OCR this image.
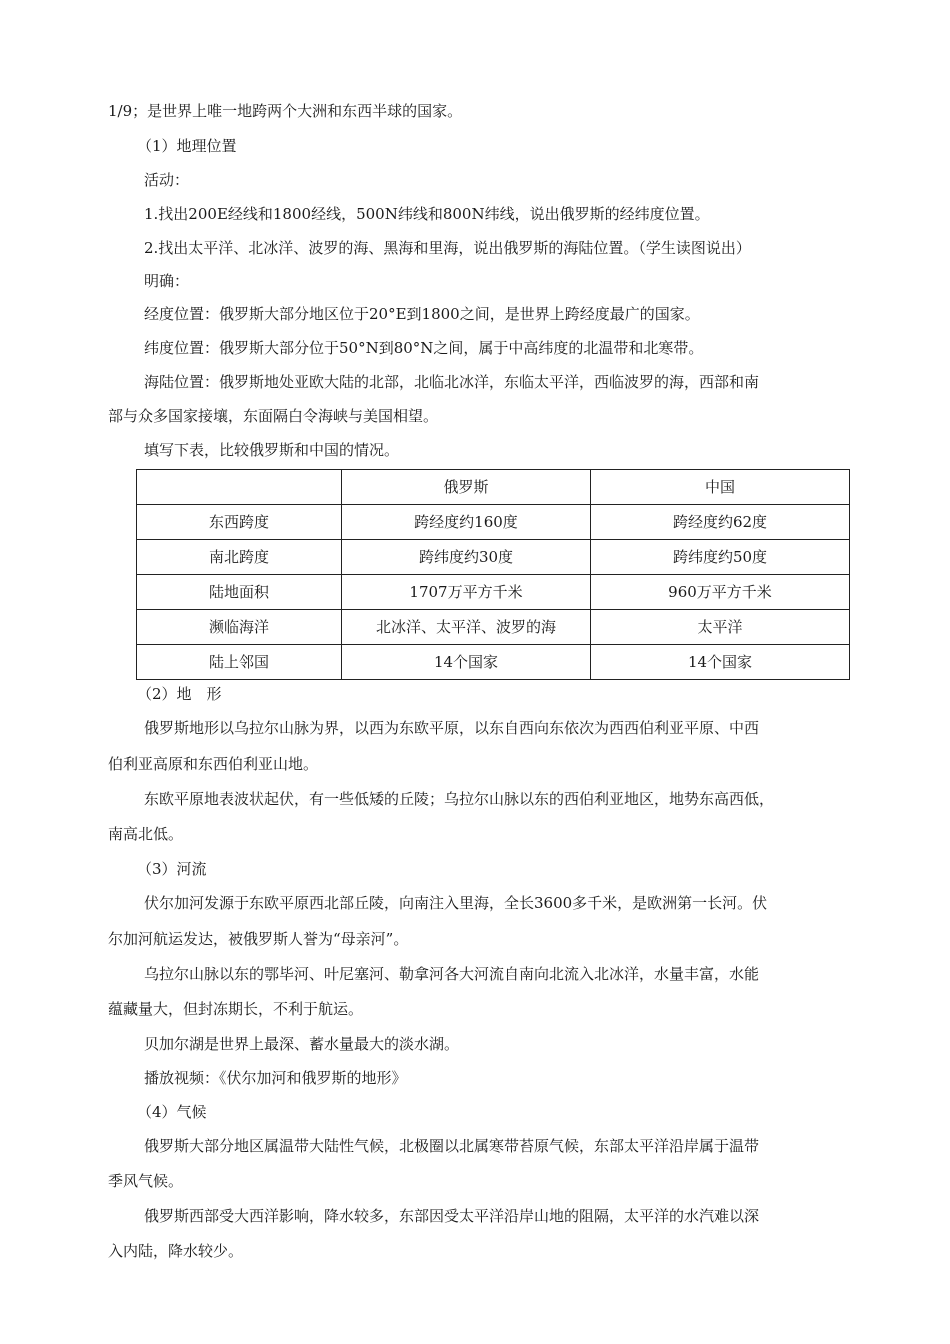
1/9；是世界上唯一地跨两个大洲和东西半球的国家。
（1）地理位置
活动：
1.找出200E经线和1800经线，500N纬线和800N纬线，说出俄罗斯的经纬度位置。
2.找出太平洋、北冰洋、波罗的海、黑海和里海，说出俄罗斯的海陆位置。（学生读图说出）
明确：
经度位置：俄罗斯大部分地区位于20°E到1800之间，是世界上跨经度最广的国家。
纬度位置：俄罗斯大部分位于50°N到80°N之间，属于中高纬度的北温带和北寒带。
海陆位置：俄罗斯地处亚欧大陆的北部，北临北冰洋，东临太平洋，西临波罗的海，西部和南
部与众多国家接壤，东面隔白令海峡与美国相望。
填写下表，比较俄罗斯和中国的情况。
	俄罗斯	中国
东西跨度	跨经度约160度	跨经度约62度
南北跨度	跨纬度约30度	跨纬度约50度
陆地面积	1707万平方千米	960万平方千米
濒临海洋	北冰洋、太平洋、波罗的海	太平洋
陆上邻国	14个国家	14个国家
（2）地　形
俄罗斯地形以乌拉尔山脉为界，以西为东欧平原，以东自西向东依次为西西伯利亚平原、中西
伯利亚高原和东西伯利亚山地。
东欧平原地表波状起伏，有一些低矮的丘陵；乌拉尔山脉以东的西伯利亚地区，地势东高西低，
南高北低。
（3）河流
伏尔加河发源于东欧平原西北部丘陵，向南注入里海，全长3600多千米，是欧洲第一长河。伏
尔加河航运发达，被俄罗斯人誉为“母亲河”。
乌拉尔山脉以东的鄂毕河、叶尼塞河、勒拿河各大河流自南向北流入北冰洋，水量丰富，水能
蕴藏量大，但封冻期长，不利于航运。
贝加尔湖是世界上最深、蓄水量最大的淡水湖。
播放视频：《伏尔加河和俄罗斯的地形》
（4）气候
俄罗斯大部分地区属温带大陆性气候，北极圈以北属寒带苔原气候，东部太平洋沿岸属于温带
季风气候。
俄罗斯西部受大西洋影响，降水较多，东部因受太平洋沿岸山地的阻隔，太平洋的水汽难以深
入内陆，降水较少。
